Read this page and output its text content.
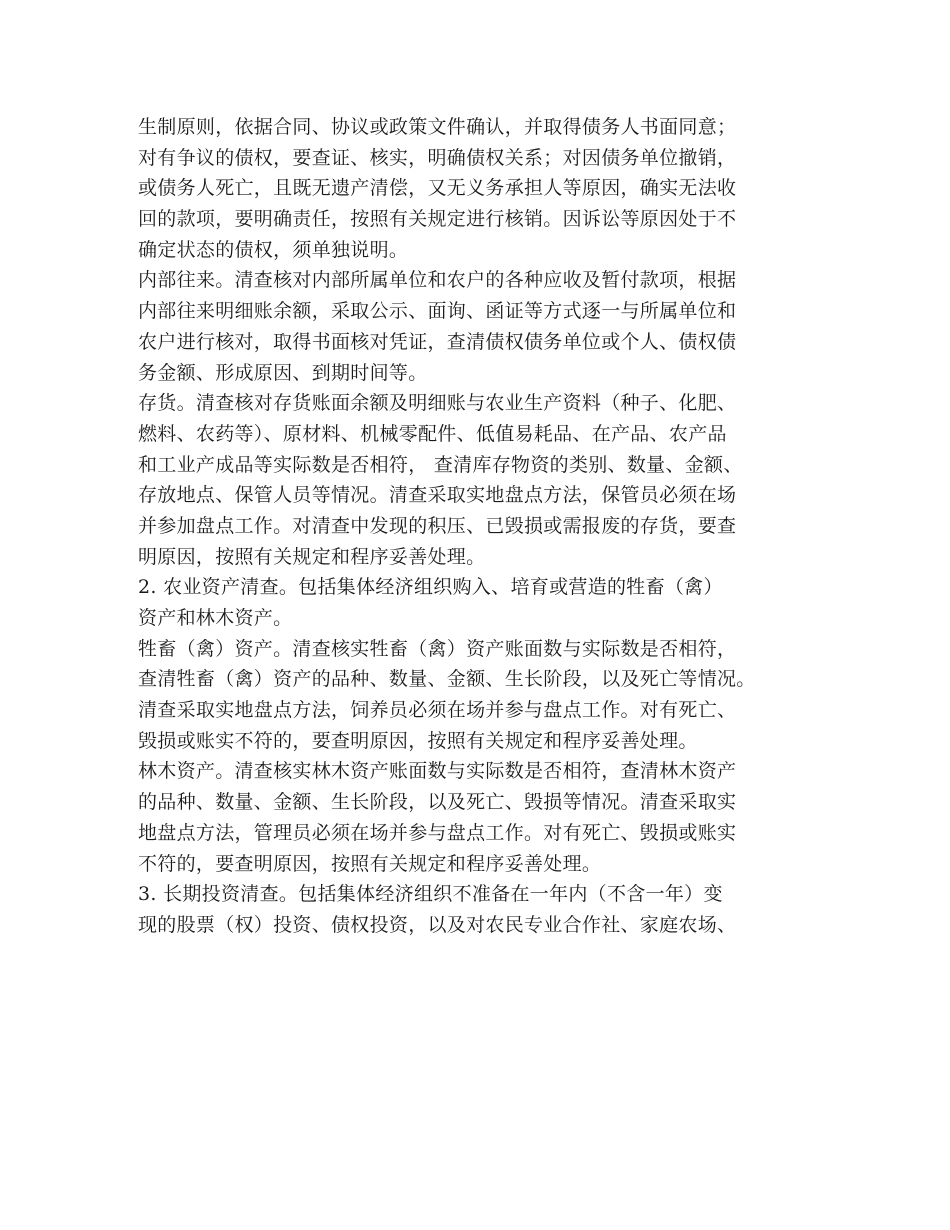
生制原则，依据合同、协议或政策文件确认，并取得债务人书面同意；
对有争议的债权，要查证、核实，明确债权关系；对因债务单位撤销，
或债务人死亡，且既无遗产清偿，又无义务承担人等原因，确实无法收
回的款项，要明确责任，按照有关规定进行核销。因诉讼等原因处于不
确定状态的债权，须单独说明。
内部往来。清查核对内部所属单位和农户的各种应收及暂付款项，根据
内部往来明细账余额，采取公示、面询、函证等方式逐一与所属单位和
农户进行核对，取得书面核对凭证，查清债权债务单位或个人、债权债
务金额、形成原因、到期时间等。
存货。清查核对存货账面余额及明细账与农业生产资料（种子、化肥、
燃料、农药等）、原材料、机械零配件、低值易耗品、在产品、农产品
和工业产成品等实际数是否相符， 查清库存物资的类别、数量、金额、
存放地点、保管人员等情况。清查采取实地盘点方法，保管员必须在场
并参加盘点工作。对清查中发现的积压、已毁损或需报废的存货，要查
明原因，按照有关规定和程序妥善处理。
2. 农业资产清查。包括集体经济组织购入、培育或营造的牲畜（禽）
资产和林木资产。
牲畜（禽）资产。清查核实牲畜（禽）资产账面数与实际数是否相符，
查清牲畜（禽）资产的品种、数量、金额、生长阶段，以及死亡等情况。
清查采取实地盘点方法，饲养员必须在场并参与盘点工作。对有死亡、
毁损或账实不符的，要查明原因，按照有关规定和程序妥善处理。
林木资产。清查核实林木资产账面数与实际数是否相符，查清林木资产
的品种、数量、金额、生长阶段，以及死亡、毁损等情况。清查采取实
地盘点方法，管理员必须在场并参与盘点工作。对有死亡、毁损或账实
不符的，要查明原因，按照有关规定和程序妥善处理。
3. 长期投资清查。包括集体经济组织不准备在一年内（不含一年）变
现的股票（权）投资、债权投资，以及对农民专业合作社、家庭农场、
